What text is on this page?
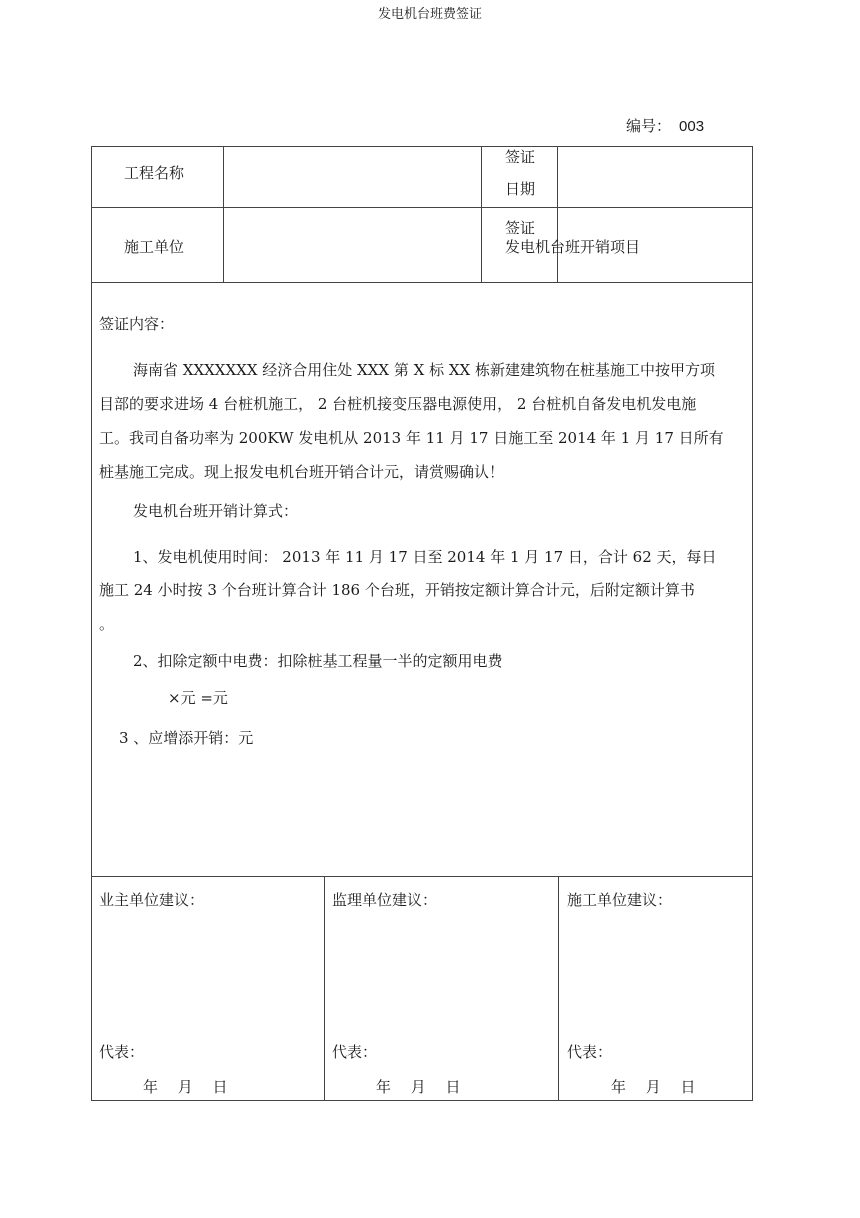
发电机台班费签证
编号： 003
工程名称
签证
日期
施工单位
签证
发电机台班开销项目
签证内容：
海南省 XXXXXXX 经济合用住处 XXX 第 X 标 XX 栋新建建筑物在桩基施工中按甲方项
目部的要求进场 4 台桩机施工， 2 台桩机接变压器电源使用， 2 台桩机自备发电机发电施
工。我司自备功率为 200KW 发电机从 2013 年 11 月 17 日施工至 2014 年 1 月 17 日所有
桩基施工完成。现上报发电机台班开销合计元，请赏赐确认！
发电机台班开销计算式：
1、发电机使用时间： 2013 年 11 月 17 日至 2014 年 1 月 17 日，合计 62 天，每日
施工 24 小时按 3 个台班计算合计 186 个台班，开销按定额计算合计元，后附定额计算书
。
2、扣除定额中电费：扣除桩基工程量一半的定额用电费
×元 =元
3 、应增添开销：元
业主单位建议：
代表：
年　 月　 日
监理单位建议：
代表：
年　 月　 日
施工单位建议：
代表：
年　 月　 日
